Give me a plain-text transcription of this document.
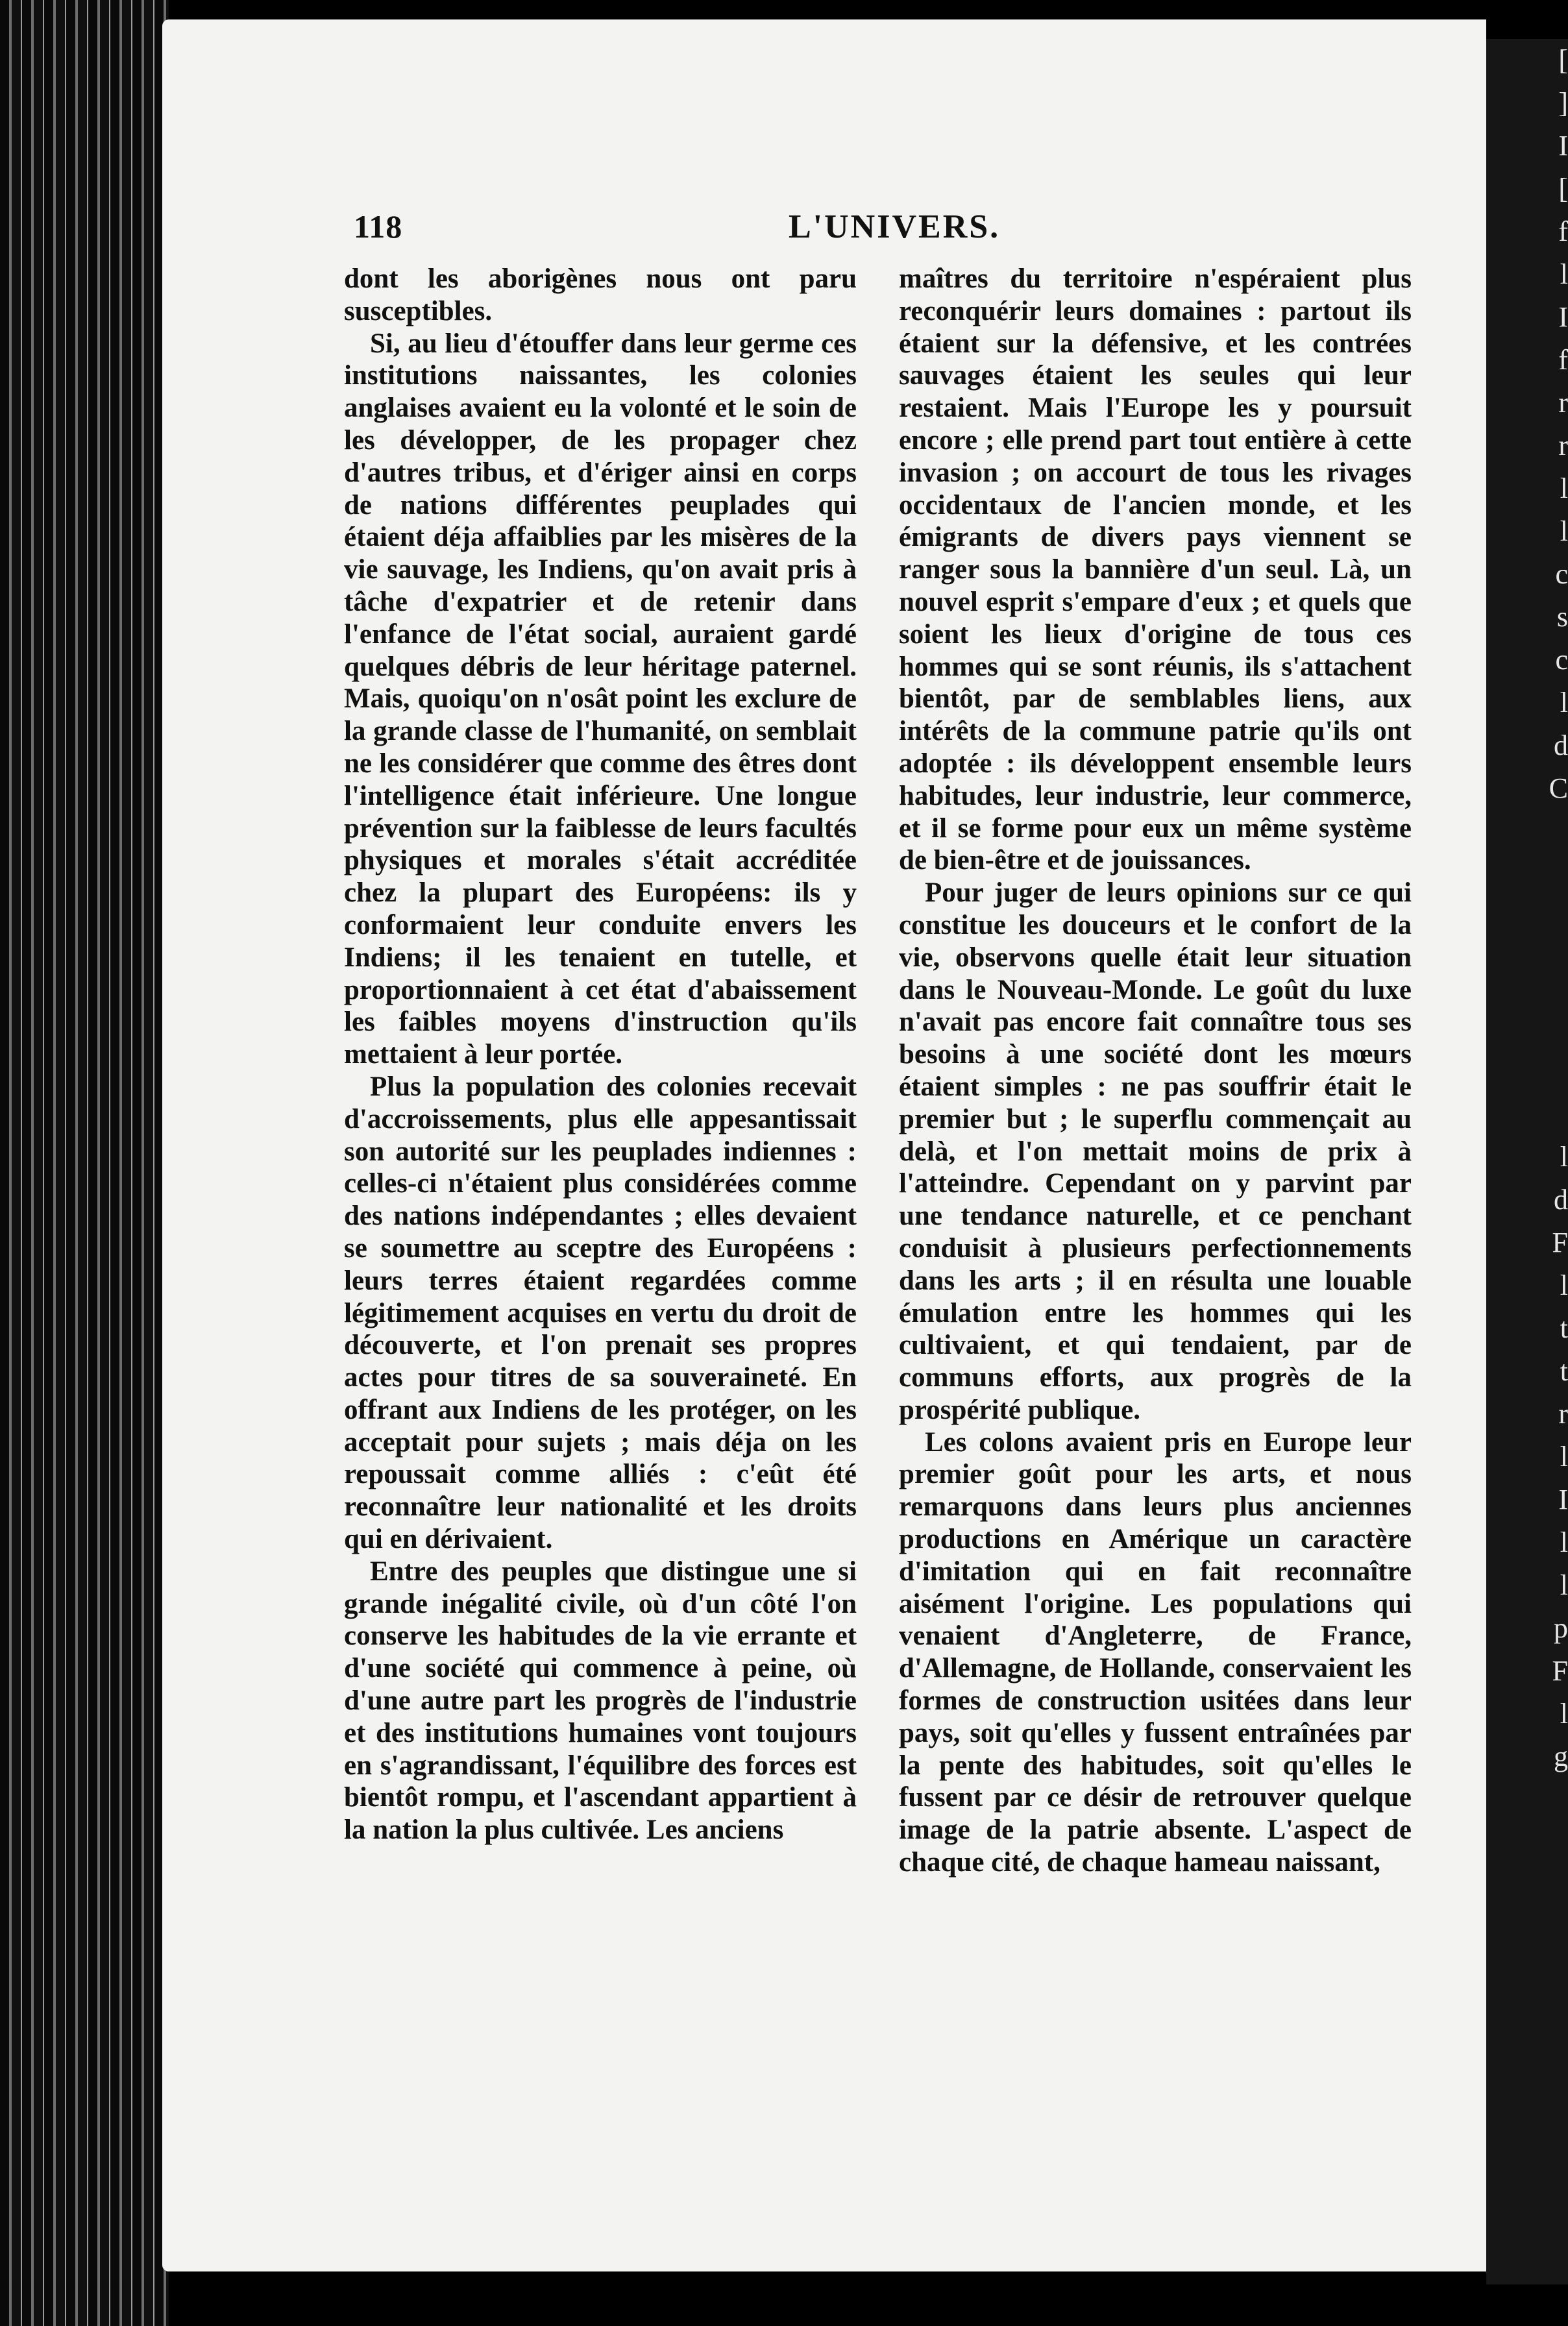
[
]
I
[
f
l
I
f
r
r
l
l
c
s
c
l
d
C
l
d
F
l
t
t
r
l
I
l
l
p
F
l
g
118	L'UNIVERS.

dont les aborigènes nous ont paru susceptibles.

Si, au lieu d'étouffer dans leur germe ces institutions naissantes, les colonies anglaises avaient eu la volonté et le soin de les développer, de les propager chez d'autres tribus, et d'ériger ainsi en corps de nations différentes peuplades qui étaient déja affaiblies par les misères de la vie sauvage, les Indiens, qu'on avait pris à tâche d'expatrier et de retenir dans l'enfance de l'état social, auraient gardé quelques débris de leur héritage paternel. Mais, quoiqu'on n'osât point les exclure de la grande classe de l'humanité, on semblait ne les considérer que comme des êtres dont l'intelligence était inférieure. Une longue prévention sur la faiblesse de leurs facultés physiques et morales s'était accréditée chez la plupart des Européens: ils y conformaient leur conduite envers les Indiens; il les tenaient en tutelle, et proportionnaient à cet état d'abaissement les faibles moyens d'instruction qu'ils mettaient à leur portée.

Plus la population des colonies recevait d'accroissements, plus elle appesantissait son autorité sur les peuplades indiennes : celles-ci n'étaient plus considérées comme des nations indépendantes ; elles devaient se soumettre au sceptre des Européens : leurs terres étaient regardées comme légitimement acquises en vertu du droit de découverte, et l'on prenait ses propres actes pour titres de sa souveraineté. En offrant aux Indiens de les protéger, on les acceptait pour sujets ; mais déja on les repoussait comme alliés : c'eût été reconnaître leur nationalité et les droits qui en dérivaient.

Entre des peuples que distingue une si grande inégalité civile, où d'un côté l'on conserve les habitudes de la vie errante et d'une société qui commence à peine, où d'une autre part les progrès de l'industrie et des institutions humaines vont toujours en s'agrandissant, l'équilibre des forces est bientôt rompu, et l'ascendant appartient à la nation la plus cultivée. Les anciens

maîtres du territoire n'espéraient plus reconquérir leurs domaines : partout ils étaient sur la défensive, et les contrées sauvages étaient les seules qui leur restaient. Mais l'Europe les y poursuit encore ; elle prend part tout entière à cette invasion ; on accourt de tous les rivages occidentaux de l'ancien monde, et les émigrants de divers pays viennent se ranger sous la bannière d'un seul. Là, un nouvel esprit s'empare d'eux ; et quels que soient les lieux d'origine de tous ces hommes qui se sont réunis, ils s'attachent bientôt, par de semblables liens, aux intérêts de la commune patrie qu'ils ont adoptée : ils développent ensemble leurs habitudes, leur industrie, leur commerce, et il se forme pour eux un même système de bien-être et de jouissances.

Pour juger de leurs opinions sur ce qui constitue les douceurs et le confort de la vie, observons quelle était leur situation dans le Nouveau-Monde. Le goût du luxe n'avait pas encore fait connaître tous ses besoins à une société dont les mœurs étaient simples : ne pas souffrir était le premier but ; le superflu commençait au delà, et l'on mettait moins de prix à l'atteindre. Cependant on y parvint par une tendance naturelle, et ce penchant conduisit à plusieurs perfectionnements dans les arts ; il en résulta une louable émulation entre les hommes qui les cultivaient, et qui tendaient, par de communs efforts, aux progrès de la prospérité publique.

Les colons avaient pris en Europe leur premier goût pour les arts, et nous remarquons dans leurs plus anciennes productions en Amérique un caractère d'imitation qui en fait reconnaître aisément l'origine. Les populations qui venaient d'Angleterre, de France, d'Allemagne, de Hollande, conservaient les formes de construction usitées dans leur pays, soit qu'elles y fussent entraînées par la pente des habitudes, soit qu'elles le fussent par ce désir de retrouver quelque image de la patrie absente. L'aspect de chaque cité, de chaque hameau naissant,
